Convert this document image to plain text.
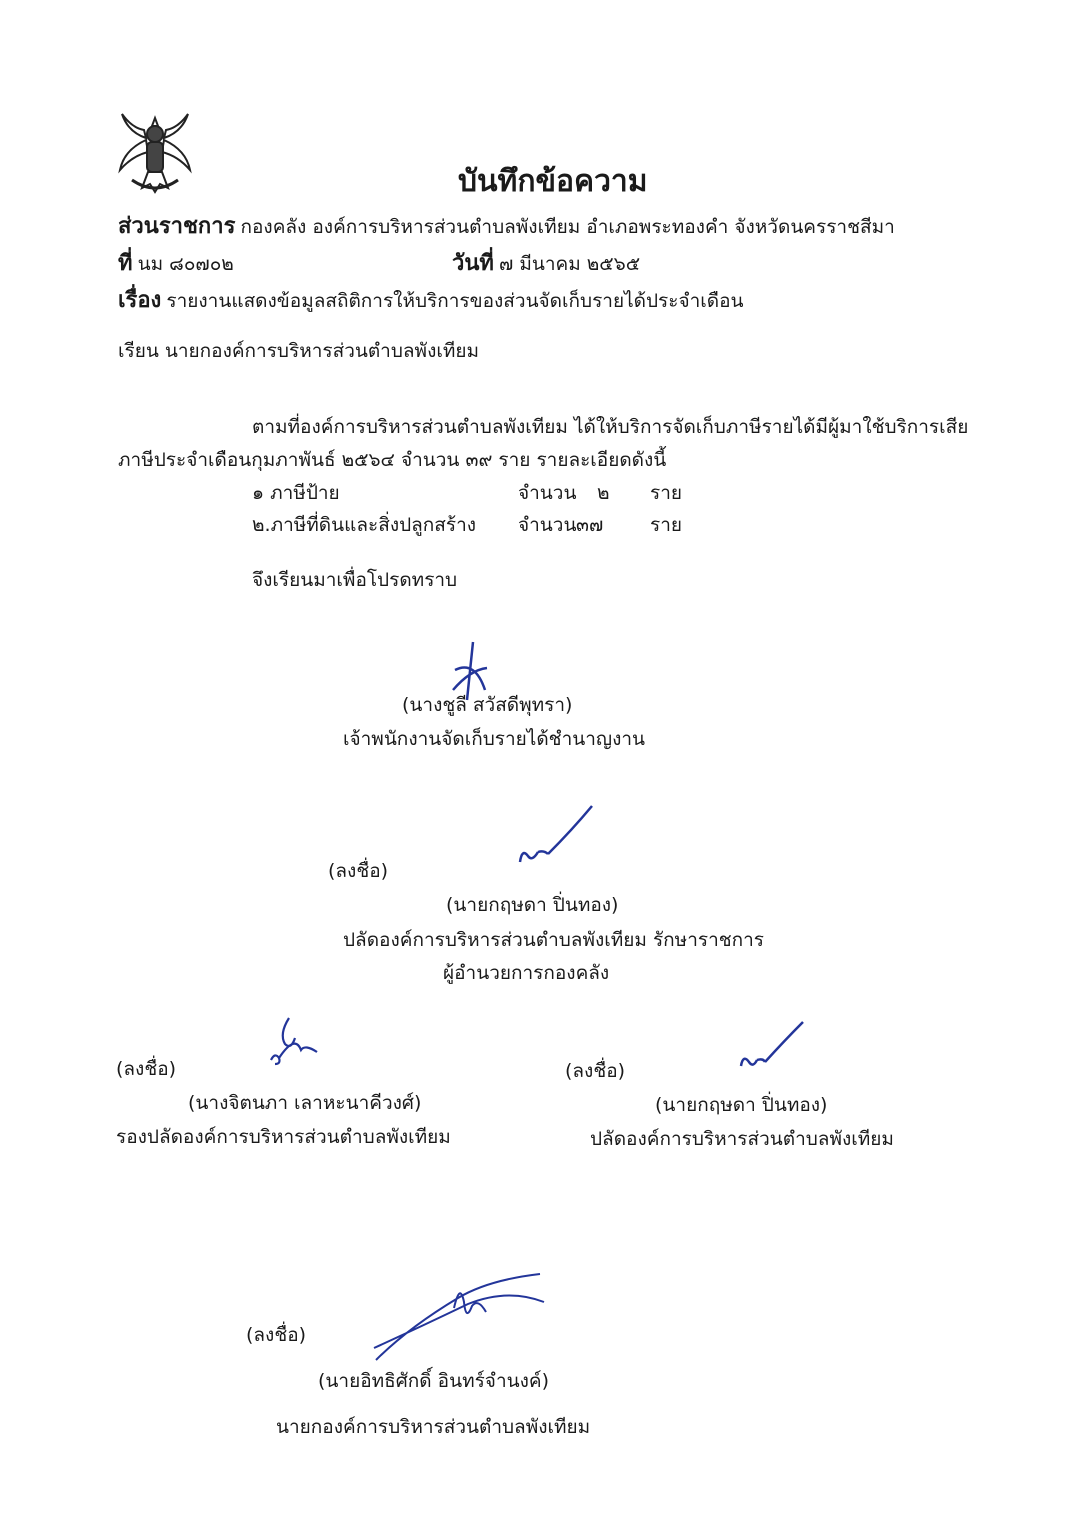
บันทึกข้อความ
ส่วนราชการ กองคลัง องค์การบริหารส่วนตำบลพังเทียม อำเภอพระทองคำ จังหวัดนครราชสีมา
ที่ นม ๘๐๗๐๒	วันที่ ๗ มีนาคม ๒๕๖๕
เรื่อง รายงานแสดงข้อมูลสถิติการให้บริการของส่วนจัดเก็บรายได้ประจำเดือน
เรียน นายกองค์การบริหารส่วนตำบลพังเทียม
ตามที่องค์การบริหารส่วนตำบลพังเทียม ได้ให้บริการจัดเก็บภาษีรายได้มีผู้มาใช้บริการเสีย
ภาษีประจำเดือนกุมภาพันธ์ ๒๕๖๔ จำนวน ๓๙ ราย รายละเอียดดังนี้
๑ ภาษีป้าย	จำนวน ๒ ราย
๒.ภาษีที่ดินและสิ่งปลูกสร้าง จำนวน ๓๗ ราย
จึงเรียนมาเพื่อโปรดทราบ
(นางชูลี สวัสดีพุทรา)
เจ้าพนักงานจัดเก็บรายได้ชำนาญงาน
(ลงชื่อ)
(นายกฤษดา ปิ่นทอง)
ปลัดองค์การบริหารส่วนตำบลพังเทียม รักษาราชการ
ผู้อำนวยการกองคลัง
(ลงชื่อ)
(นางจิตนภา เลาหะนาคีวงศ์)
รองปลัดองค์การบริหารส่วนตำบลพังเทียม
(ลงชื่อ)
(นายกฤษดา ปิ่นทอง)
ปลัดองค์การบริหารส่วนตำบลพังเทียม
(ลงชื่อ)
(นายอิทธิศักดิ์ อินทร์จำนงค์)
นายกองค์การบริหารส่วนตำบลพังเทียม
